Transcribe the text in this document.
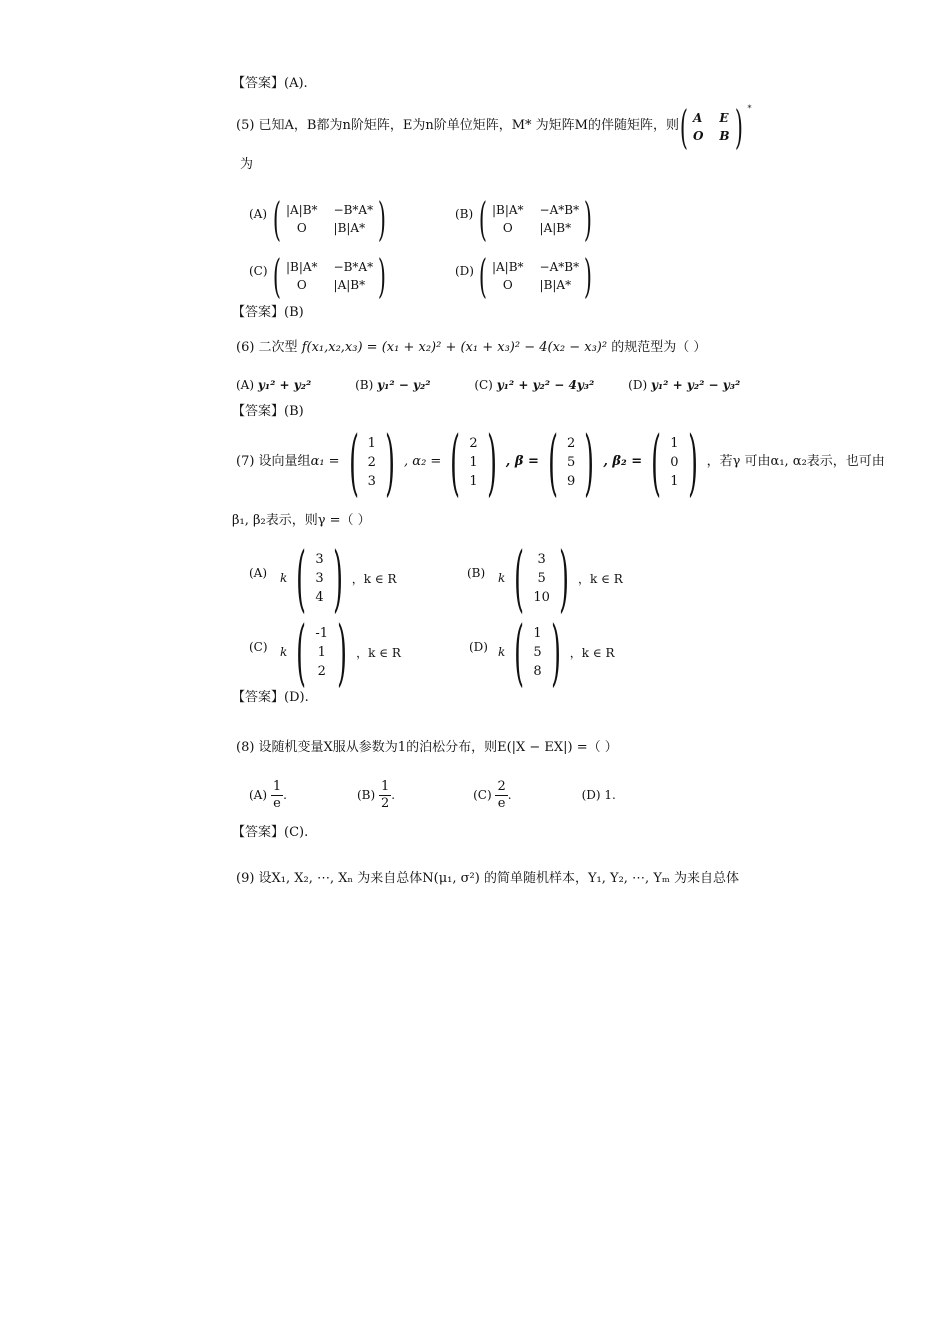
【答案】(A).
(5) 已知A，B都为n阶矩阵，E为n阶单位矩阵，M* 为矩阵M的伴随矩阵，则 ( A E
O B ) *
为
(A) ( |A|B* −B*A*
O	|B|A* )	(B) ( |B|A* −A*B*
O	|A|B* )
(C) ( |B|A* −B*A*
O	|A|B* )	(D) ( |A|B* −A*B*
O	|B|A* )
【答案】(B)
(6) 二次型 f(x₁,x₂,x₃) = (x₁ + x₂)² + (x₁ + x₃)² − 4(x₂ − x₃)² 的规范型为（ ）
(A) y₁² + y₂²	(B) y₁² − y₂²	(C) y₁² + y₂² − 4y₃²	(D) y₁² + y₂² − y₃²
【答案】(B)
(7) 设向量组 α₁ = ( 1
2
3 ) , α₂ = ( 2
1
1 ) , β = ( 2
5
9 ) , β₂ = ( 1
0
1 ) ，若γ 可由α₁, α₂表示，也可由
β₁, β₂表示，则γ =（ ）
(A) k ( 3
3
4 ) ，k ∈ R	(B) k ( 3
5
10 ) ，k ∈ R
(C) k ( -1
1
2 ) ，k ∈ R	(D) k ( 1
5
8 ) ，k ∈ R
【答案】(D).
(8) 设随机变量X服从参数为1的泊松分布，则E(|X − EX|) =（ ）
(A)
$\frac{1}{e}$ .	(B)
$\frac{1}{2}$ .	(C)
$\frac{2}{e}$ .	(D)
1.
【答案】(C).
(9) 设X₁, X₂, ⋯, Xₙ 为来自总体N(μ₁, σ²) 的简单随机样本，Y₁, Y₂, ⋯, Yₘ 为来自总体
